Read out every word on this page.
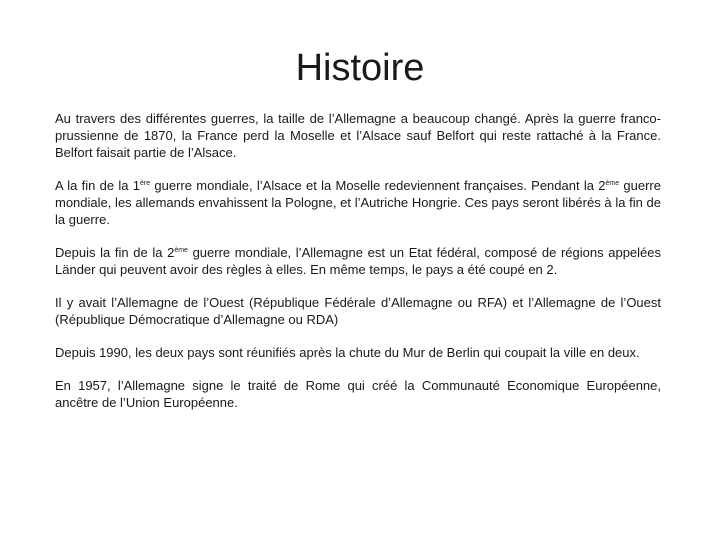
Histoire

Au travers des différentes guerres, la taille de l’Allemagne a beaucoup changé. Après la guerre franco-prussienne de 1870, la France perd la Moselle et l’Alsace sauf Belfort qui reste rattaché à la France. Belfort faisait partie de l’Alsace.

A la fin de la 1ère guerre mondiale, l’Alsace et la Moselle redeviennent françaises. Pendant la 2ème guerre mondiale, les allemands envahissent la Pologne, et l’Autriche Hongrie. Ces pays seront libérés à la fin de la guerre.

Depuis la fin de la 2ème guerre mondiale, l’Allemagne est un Etat fédéral, composé de régions appelées Länder qui peuvent avoir des règles à elles. En même temps, le pays a été coupé en 2.

Il y avait l’Allemagne de l’Ouest (République Fédérale d’Allemagne ou RFA) et l’Allemagne de l’Ouest (République Démocratique d’Allemagne ou RDA)

Depuis 1990, les deux pays sont réunifiés après la chute du Mur de Berlin qui coupait la ville en deux.

En 1957, l’Allemagne signe le traité de Rome qui créé la Communauté Economique Européenne, ancêtre de l’Union Européenne.
